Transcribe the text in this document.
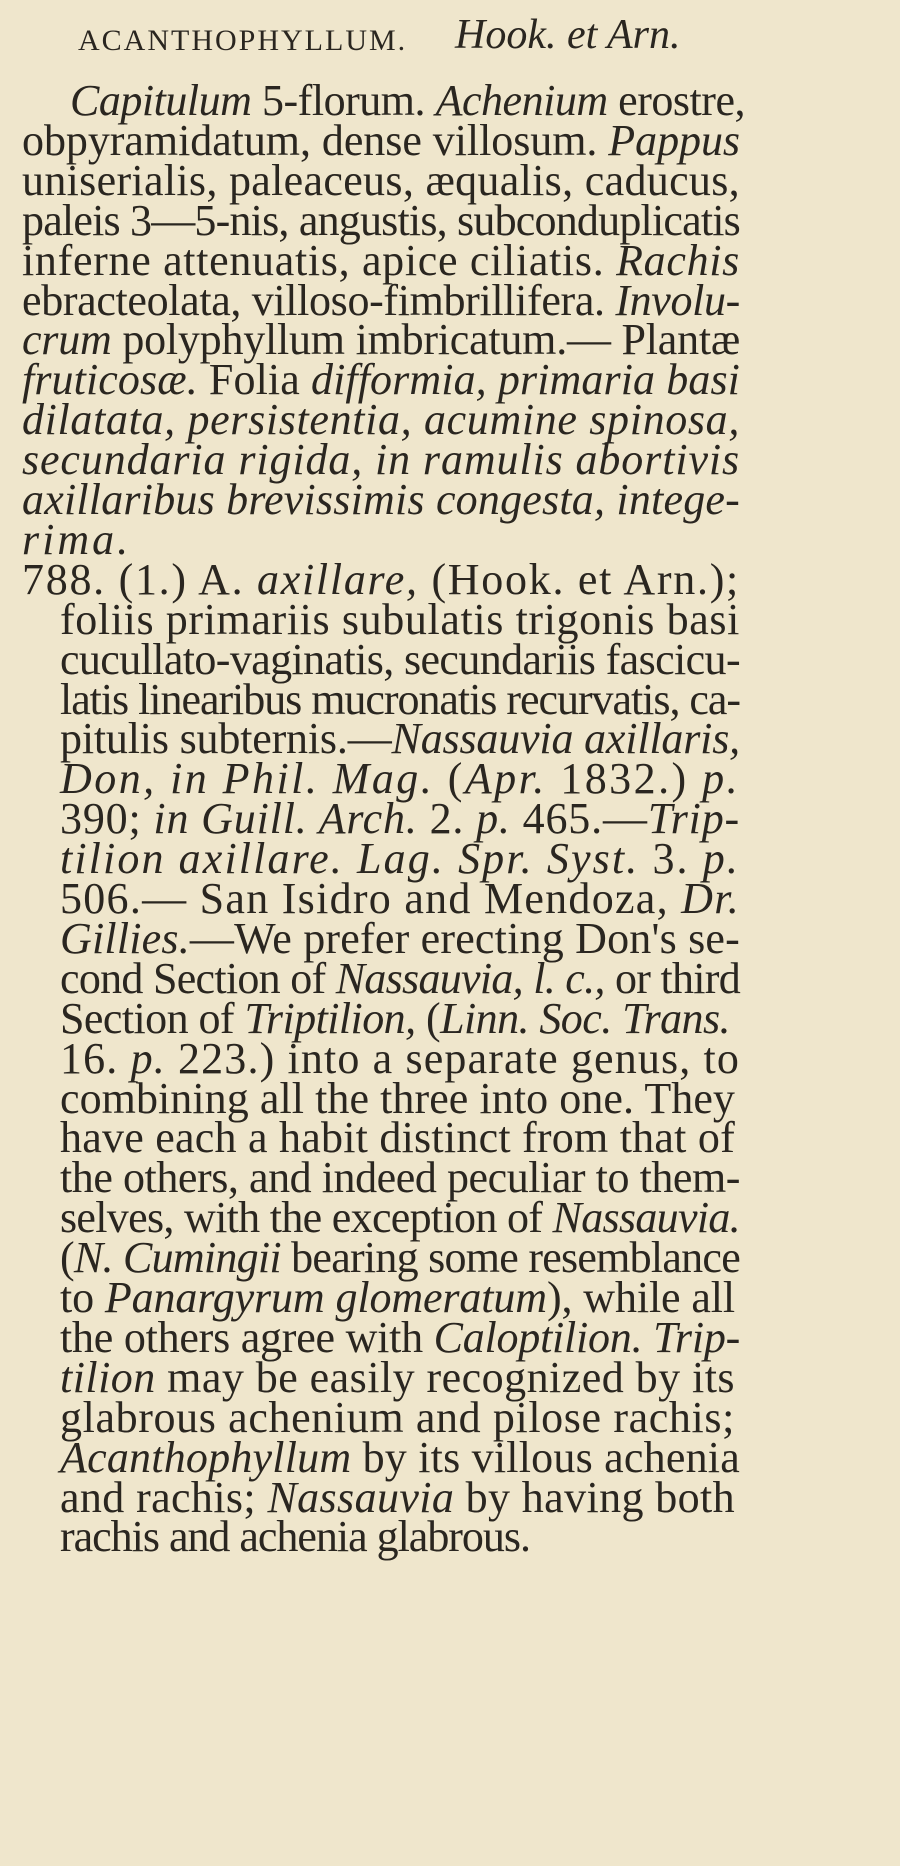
ACANTHOPHYLLUM. Hook. et Arn.
Capitulum 5-florum. Achenium erostre,
obpyramidatum, dense villosum. Pappus
uniserialis, paleaceus, æqualis, caducus,
paleis 3—5-nis, angustis, subconduplicatis
inferne attenuatis, apice ciliatis. Rachis
ebracteolata, villoso-fimbrillifera. Involu-
crum polyphyllum imbricatum.— Plantæ
fruticosæ. Folia difformia, primaria basi
dilatata, persistentia, acumine spinosa,
secundaria rigida, in ramulis abortivis
axillaribus brevissimis congesta, intege-
rima.
788. (1.) A. axillare, (Hook. et Arn.);
foliis primariis subulatis trigonis basi
cucullato-vaginatis, secundariis fascicu-
latis linearibus mucronatis recurvatis, ca-
pitulis subternis.—Nassauvia axillaris,
Don, in Phil. Mag. (Apr. 1832.) p.
390; in Guill. Arch. 2. p. 465.—Trip-
tilion axillare. Lag. Spr. Syst. 3. p.
506.— San Isidro and Mendoza, Dr.
Gillies.—We prefer erecting Don's se-
cond Section of Nassauvia, l. c., or third
Section of Triptilion, (Linn. Soc. Trans.
16. p. 223.) into a separate genus, to
combining all the three into one. They
have each a habit distinct from that of
the others, and indeed peculiar to them-
selves, with the exception of Nassauvia.
(N. Cumingii bearing some resemblance
to Panargyrum glomeratum), while all
the others agree with Caloptilion. Trip-
tilion may be easily recognized by its
glabrous achenium and pilose rachis;
Acanthophyllum by its villous achenia
and rachis; Nassauvia by having both
rachis and achenia glabrous.
